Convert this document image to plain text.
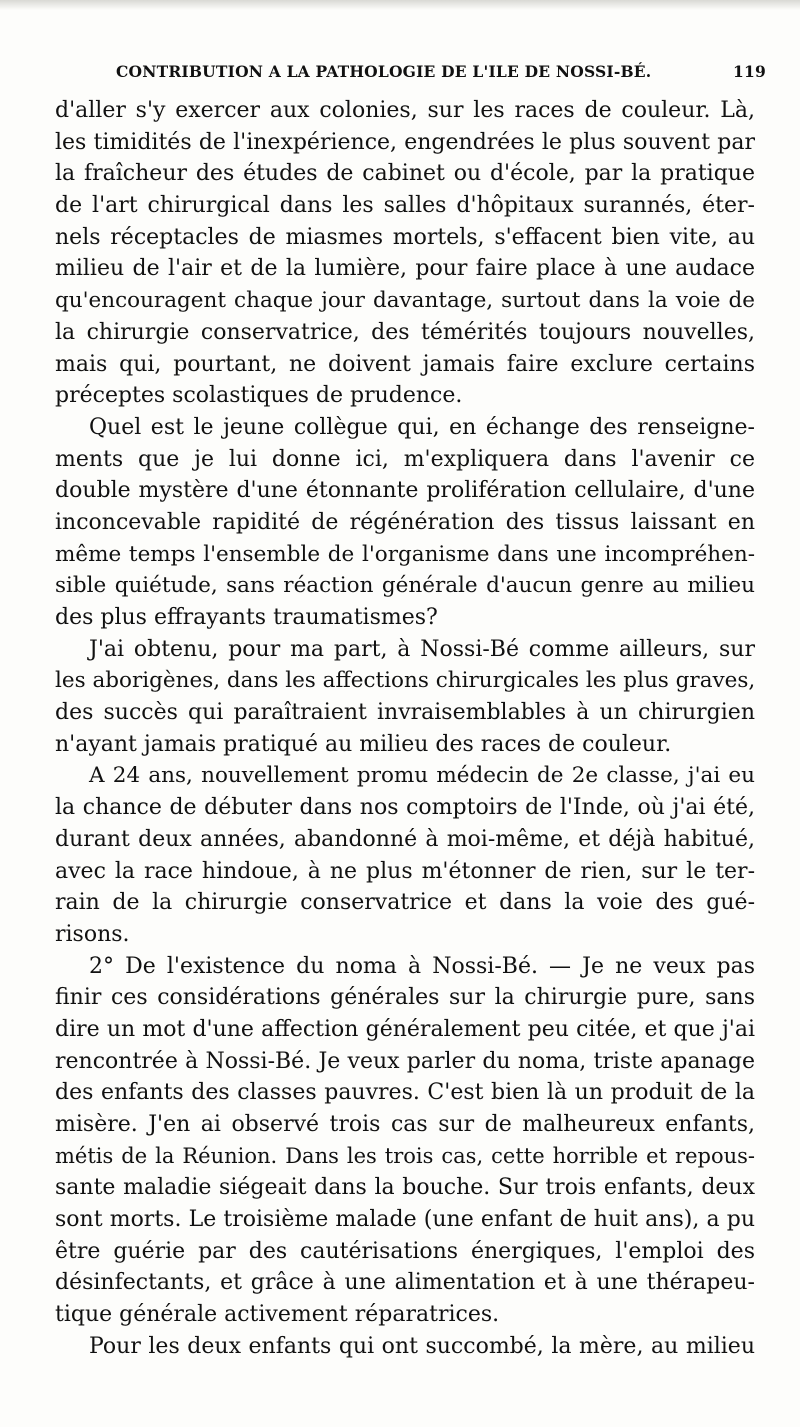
CONTRIBUTION A LA PATHOLOGIE DE L'ILE DE NOSSI-BÉ.	119
d'aller s'y exercer aux colonies, sur les races de couleur. Là,
les timidités de l'inexpérience, engendrées le plus souvent par
la fraîcheur des études de cabinet ou d'école, par la pratique
de l'art chirurgical dans les salles d'hôpitaux surannés, éter-
nels réceptacles de miasmes mortels, s'effacent bien vite, au
milieu de l'air et de la lumière, pour faire place à une audace
qu'encouragent chaque jour davantage, surtout dans la voie de
la chirurgie conservatrice, des témérités toujours nouvelles,
mais qui, pourtant, ne doivent jamais faire exclure certains
préceptes scolastiques de prudence.
Quel est le jeune collègue qui, en échange des renseigne-
ments que je lui donne ici, m'expliquera dans l'avenir ce
double mystère d'une étonnante prolifération cellulaire, d'une
inconcevable rapidité de régénération des tissus laissant en
même temps l'ensemble de l'organisme dans une incompréhen-
sible quiétude, sans réaction générale d'aucun genre au milieu
des plus effrayants traumatismes?
J'ai obtenu, pour ma part, à Nossi-Bé comme ailleurs, sur
les aborigènes, dans les affections chirurgicales les plus graves,
des succès qui paraîtraient invraisemblables à un chirurgien
n'ayant jamais pratiqué au milieu des races de couleur.
A 24 ans, nouvellement promu médecin de 2e classe, j'ai eu
la chance de débuter dans nos comptoirs de l'Inde, où j'ai été,
durant deux années, abandonné à moi-même, et déjà habitué,
avec la race hindoue, à ne plus m'étonner de rien, sur le ter-
rain de la chirurgie conservatrice et dans la voie des gué-
risons.
2° De l'existence du noma à Nossi-Bé. — Je ne veux pas
finir ces considérations générales sur la chirurgie pure, sans
dire un mot d'une affection généralement peu citée, et que j'ai
rencontrée à Nossi-Bé. Je veux parler du noma, triste apanage
des enfants des classes pauvres. C'est bien là un produit de la
misère. J'en ai observé trois cas sur de malheureux enfants,
métis de la Réunion. Dans les trois cas, cette horrible et repous-
sante maladie siégeait dans la bouche. Sur trois enfants, deux
sont morts. Le troisième malade (une enfant de huit ans), a pu
être guérie par des cautérisations énergiques, l'emploi des
désinfectants, et grâce à une alimentation et à une thérapeu-
tique générale activement réparatrices.
Pour les deux enfants qui ont succombé, la mère, au milieu
